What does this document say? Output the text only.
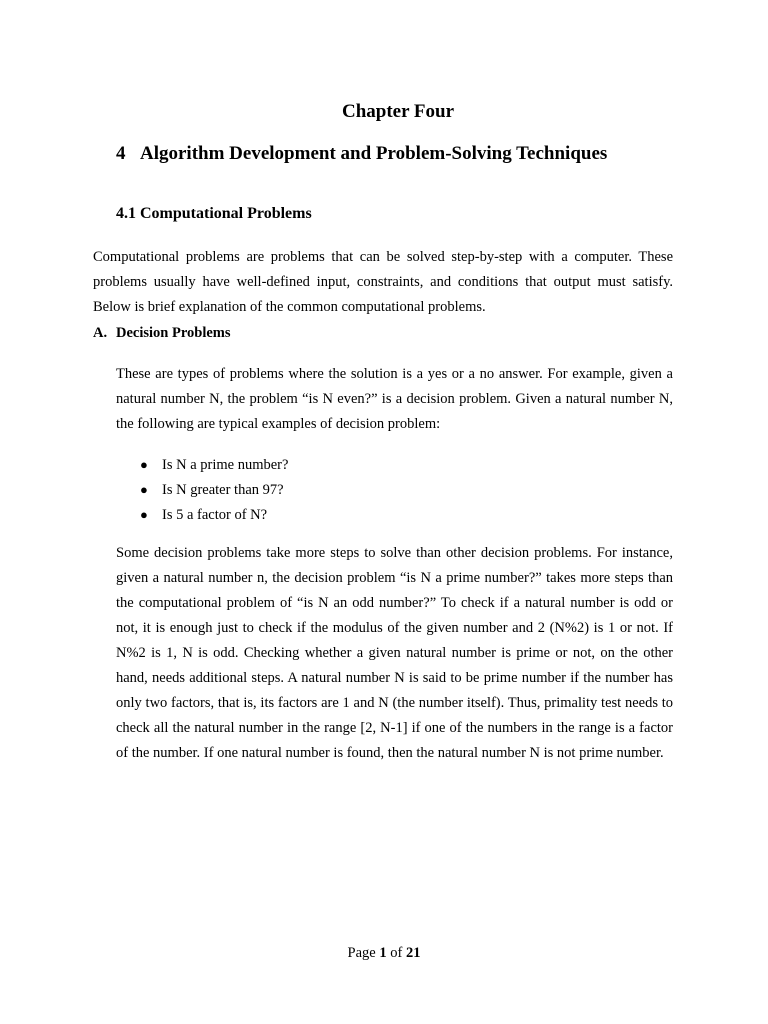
Chapter Four
4 Algorithm Development and Problem-Solving Techniques
4.1 Computational Problems

Computational problems are problems that can be solved step-by-step with a computer. These problems usually have well-defined input, constraints, and conditions that output must satisfy. Below is brief explanation of the common computational problems.

A. Decision Problems

These are types of problems where the solution is a yes or a no answer. For example, given a natural number N, the problem “is N even?” is a decision problem. Given a natural number N, the following are typical examples of decision problem:

● Is N a prime number?
● Is N greater than 97?
● Is 5 a factor of N?

Some decision problems take more steps to solve than other decision problems. For instance, given a natural number n, the decision problem “is N a prime number?” takes more steps than the computational problem of “is N an odd number?” To check if a natural number is odd or not, it is enough just to check if the modulus of the given number and 2 (N%2) is 1 or not. If N%2 is 1, N is odd. Checking whether a given natural number is prime or not, on the other hand, needs additional steps. A natural number N is said to be prime number if the number has only two factors, that is, its factors are 1 and N (the number itself). Thus, primality test needs to check all the natural number in the range [2, N-1] if one of the numbers in the range is a factor of the number. If one natural number is found, then the natural number N is not prime number.

Page 1 of 21
